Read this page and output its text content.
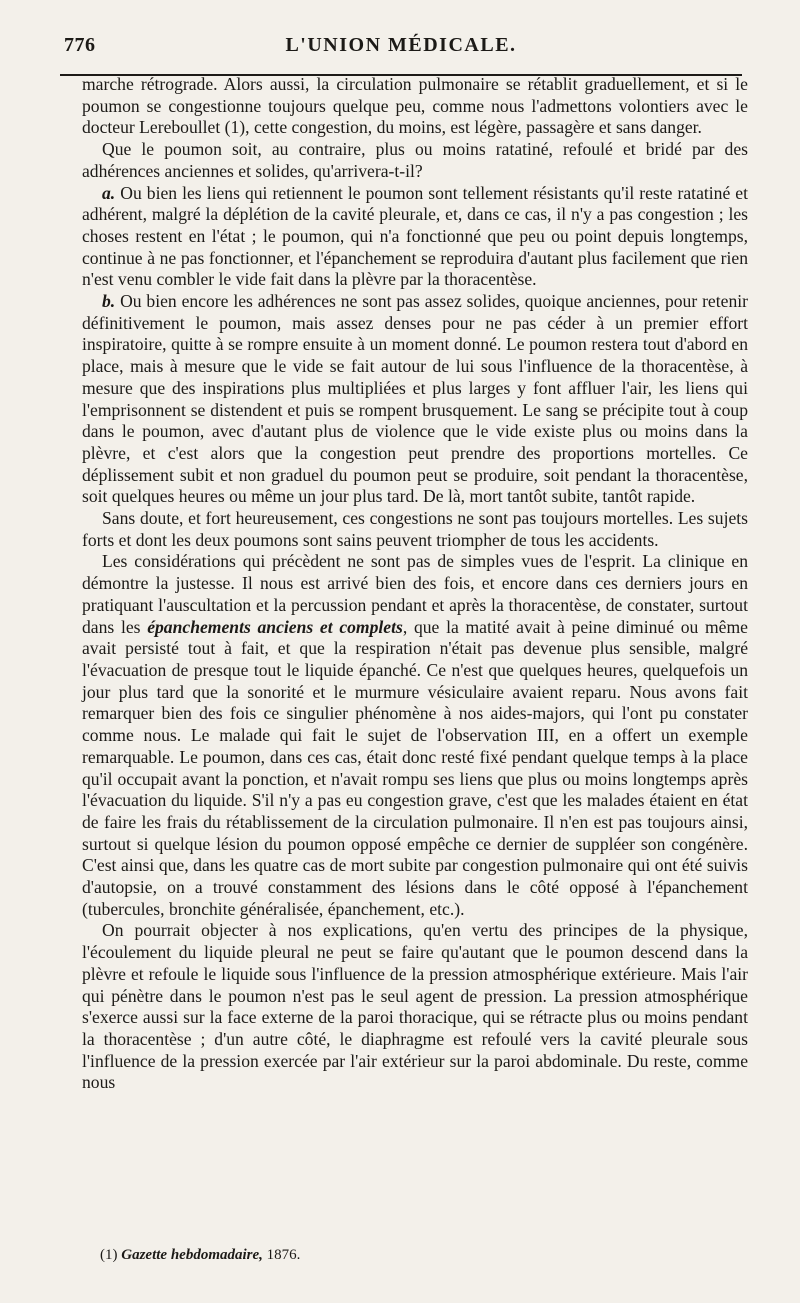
776	L'UNION MÉDICALE.

marche rétrograde. Alors aussi, la circulation pulmonaire se rétablit graduellement, et si le poumon se congestionne toujours quelque peu, comme nous l'admettons volontiers avec le docteur Lereboullet (1), cette congestion, du moins, est légère, passagère et sans danger.

Que le poumon soit, au contraire, plus ou moins ratatiné, refoulé et bridé par des adhérences anciennes et solides, qu'arrivera-t-il?

a. Ou bien les liens qui retiennent le poumon sont tellement résistants qu'il reste ratatiné et adhérent, malgré la déplétion de la cavité pleurale, et, dans ce cas, il n'y a pas congestion ; les choses restent en l'état ; le poumon, qui n'a fonctionné que peu ou point depuis longtemps, continue à ne pas fonctionner, et l'épanchement se reproduira d'autant plus facilement que rien n'est venu combler le vide fait dans la plèvre par la thoracentèse.

b. Ou bien encore les adhérences ne sont pas assez solides, quoique anciennes, pour retenir définitivement le poumon, mais assez denses pour ne pas céder à un premier effort inspiratoire, quitte à se rompre ensuite à un moment donné. Le poumon restera tout d'abord en place, mais à mesure que le vide se fait autour de lui sous l'influence de la thoracentèse, à mesure que des inspirations plus multipliées et plus larges y font affluer l'air, les liens qui l'emprisonnent se distendent et puis se rompent brusquement. Le sang se précipite tout à coup dans le poumon, avec d'autant plus de violence que le vide existe plus ou moins dans la plèvre, et c'est alors que la congestion peut prendre des proportions mortelles. Ce déplissement subit et non graduel du poumon peut se produire, soit pendant la thoracentèse, soit quelques heures ou même un jour plus tard. De là, mort tantôt subite, tantôt rapide.

Sans doute, et fort heureusement, ces congestions ne sont pas toujours mortelles. Les sujets forts et dont les deux poumons sont sains peuvent triompher de tous les accidents.

Les considérations qui précèdent ne sont pas de simples vues de l'esprit. La clinique en démontre la justesse. Il nous est arrivé bien des fois, et encore dans ces derniers jours en pratiquant l'auscultation et la percussion pendant et après la thoracentèse, de constater, surtout dans les épanchements anciens et complets, que la matité avait à peine diminué ou même avait persisté tout à fait, et que la respiration n'était pas devenue plus sensible, malgré l'évacuation de presque tout le liquide épanché. Ce n'est que quelques heures, quelquefois un jour plus tard que la sonorité et le murmure vésiculaire avaient reparu. Nous avons fait remarquer bien des fois ce singulier phénomène à nos aides-majors, qui l'ont pu constater comme nous. Le malade qui fait le sujet de l'observation III, en a offert un exemple remarquable. Le poumon, dans ces cas, était donc resté fixé pendant quelque temps à la place qu'il occupait avant la ponction, et n'avait rompu ses liens que plus ou moins longtemps après l'évacuation du liquide. S'il n'y a pas eu congestion grave, c'est que les malades étaient en état de faire les frais du rétablissement de la circulation pulmonaire. Il n'en est pas toujours ainsi, surtout si quelque lésion du poumon opposé empêche ce dernier de suppléer son congénère. C'est ainsi que, dans les quatre cas de mort subite par congestion pulmonaire qui ont été suivis d'autopsie, on a trouvé constamment des lésions dans le côté opposé à l'épanchement (tubercules, bronchite généralisée, épanchement, etc.).

On pourrait objecter à nos explications, qu'en vertu des principes de la physique, l'écoulement du liquide pleural ne peut se faire qu'autant que le poumon descend dans la plèvre et refoule le liquide sous l'influence de la pression atmosphérique extérieure. Mais l'air qui pénètre dans le poumon n'est pas le seul agent de pression. La pression atmosphérique s'exerce aussi sur la face externe de la paroi thoracique, qui se rétracte plus ou moins pendant la thoracentèse ; d'un autre côté, le diaphragme est refoulé vers la cavité pleurale sous l'influence de la pression exercée par l'air extérieur sur la paroi abdominale. Du reste, comme nous

(1) Gazette hebdomadaire, 1876.
